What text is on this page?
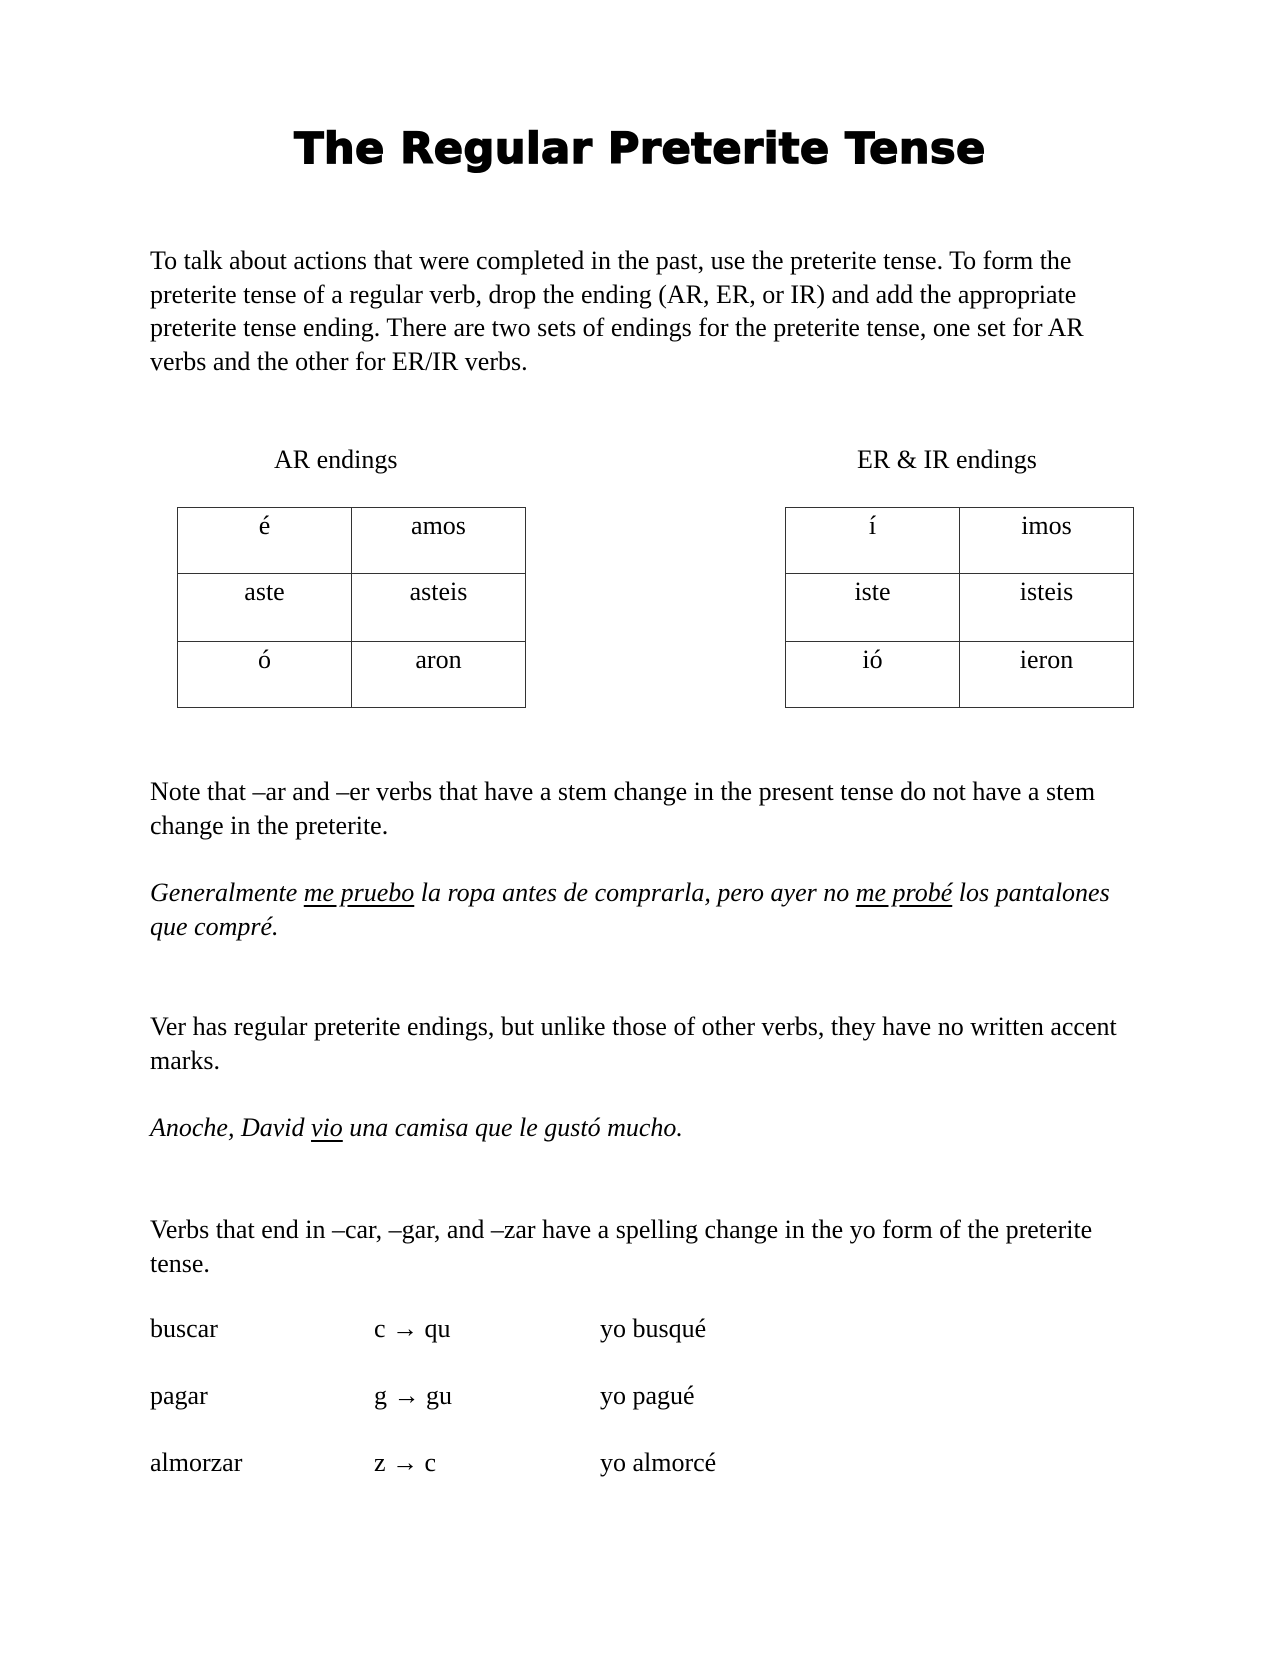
The Regular Preterite Tense

To talk about actions that were completed in the past, use the preterite tense. To form the preterite tense of a regular verb, drop the ending (AR, ER, or IR) and add the appropriate preterite tense ending. There are two sets of endings for the preterite tense, one set for AR verbs and the other for ER/IR verbs.

AR endings	ER & IR endings

é	amos
aste	asteis
ó	aron
í	imos
iste	isteis
ió	ieron

Note that –ar and –er verbs that have a stem change in the present tense do not have a stem change in the preterite.

Generalmente me pruebo la ropa antes de comprarla, pero ayer no me probé los pantalones que compré.

Ver has regular preterite endings, but unlike those of other verbs, they have no written accent marks.

Anoche, David vio una camisa que le gustó mucho.

Verbs that end in –car, –gar, and –zar have a spelling change in the yo form of the preterite tense.

buscar	c → qu	yo busqué
pagar	g → gu	yo pagué
almorzar	z → c	yo almorcé
